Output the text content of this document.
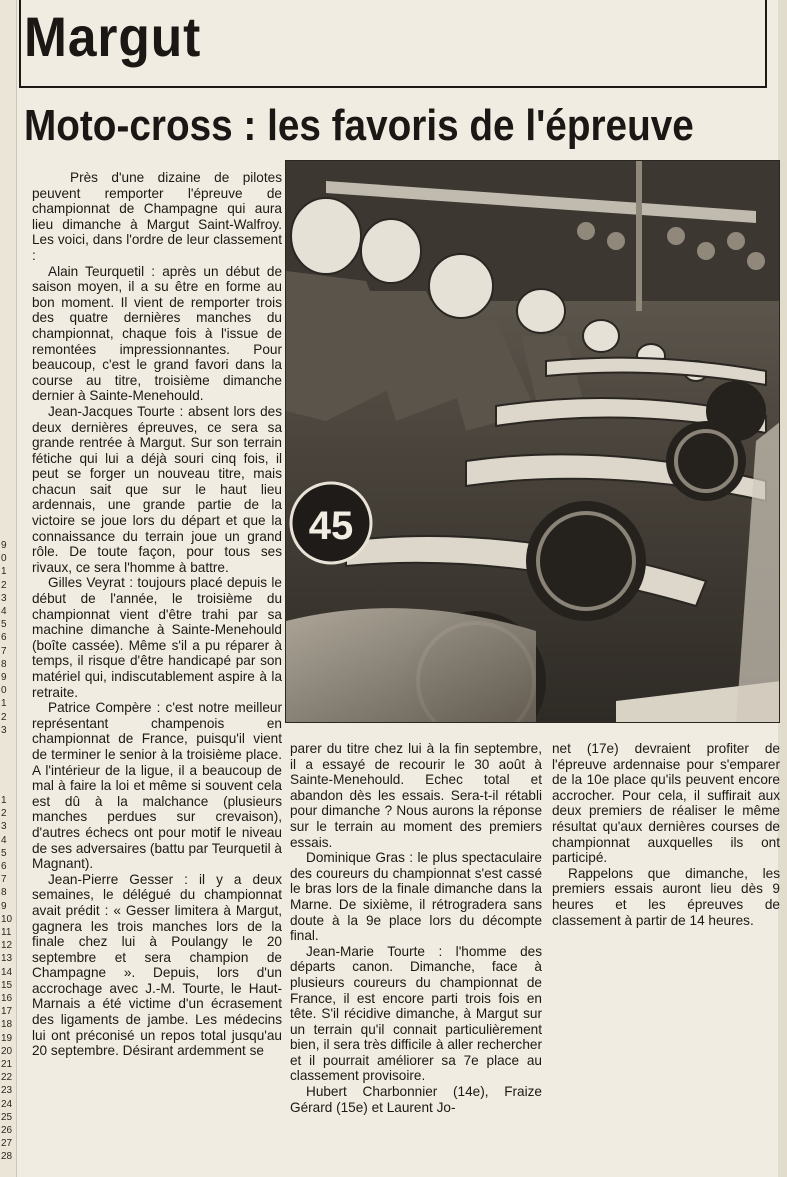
9
0
1
2
3
4
5
6
7
8
9
0
1
2
3
1
2
3
4
5
6
7
8
9
10
11
12
13
14
15
16
17
18
19
20
21
22
23
24
25
26
27
28
Margut
Moto-cross : les favoris de l'épreuve
45

Près d'une dizaine de pilotes peuvent remporter l'épreuve de championnat de Champagne qui aura lieu dimanche à Margut Saint-Walfroy. Les voici, dans l'ordre de leur classement :

Alain Teurquetil : après un début de saison moyen, il a su être en forme au bon moment. Il vient de remporter trois des quatre dernières manches du championnat, chaque fois à l'issue de remontées impressionnantes. Pour beaucoup, c'est le grand favori dans la course au titre, troisième dimanche dernier à Sainte-Menehould.

Jean-Jacques Tourte : absent lors des deux dernières épreuves, ce sera sa grande rentrée à Margut. Sur son terrain fétiche qui lui a déjà souri cinq fois, il peut se forger un nouveau titre, mais chacun sait que sur le haut lieu ardennais, une grande partie de la victoire se joue lors du départ et que la connaissance du terrain joue un grand rôle. De toute façon, pour tous ses rivaux, ce sera l'homme à battre.

Gilles Veyrat : toujours placé depuis le début de l'année, le troisième du championnat vient d'être trahi par sa machine dimanche à Sainte-Menehould (boîte cassée). Même s'il a pu réparer à temps, il risque d'être handicapé par son matériel qui, indiscutablement aspire à la retraite.

Patrice Compère : c'est notre meilleur représentant champenois en championnat de France, puisqu'il vient de terminer le senior à la troisième place. A l'intérieur de la ligue, il a beaucoup de mal à faire la loi et même si souvent cela est dû à la malchance (plusieurs manches perdues sur crevaison), d'autres échecs ont pour motif le niveau de ses adversaires (battu par Teurquetil à Magnant).

Jean-Pierre Gesser : il y a deux semaines, le délégué du championnat avait prédit : « Gesser limitera à Margut, gagnera les trois manches lors de la finale chez lui à Poulangy le 20 septembre et sera champion de Champagne ». Depuis, lors d'un accrochage avec J.-M. Tourte, le Haut-Marnais a été victime d'un écrasement des ligaments de jambe. Les médecins lui ont préconisé un repos total jusqu'au 20 septembre. Désirant ardemment se

parer du titre chez lui à la fin septembre, il a essayé de recourir le 30 août à Sainte-Menehould. Echec total et abandon dès les essais. Sera-t-il rétabli pour dimanche ? Nous aurons la réponse sur le terrain au moment des premiers essais.

Dominique Gras : le plus spectaculaire des coureurs du championnat s'est cassé le bras lors de la finale dimanche dans la Marne. De sixième, il rétrogradera sans doute à la 9e place lors du décompte final.

Jean-Marie Tourte : l'homme des départs canon. Dimanche, face à plusieurs coureurs du championnat de France, il est encore parti trois fois en tête. S'il récidive dimanche, à Margut sur un terrain qu'il connait particulièrement bien, il sera très difficile à aller rechercher et il pourrait améliorer sa 7e place au classement provisoire.

Hubert Charbonnier (14e), Fraize Gérard (15e) et Laurent Jo-

net (17e) devraient profiter de l'épreuve ardennaise pour s'emparer de la 10e place qu'ils peuvent encore accrocher. Pour cela, il suffirait aux deux premiers de réaliser le même résultat qu'aux dernières courses de championnat auxquelles ils ont participé.

Rappelons que dimanche, les premiers essais auront lieu dès 9 heures et les épreuves de classement à partir de 14 heures.
